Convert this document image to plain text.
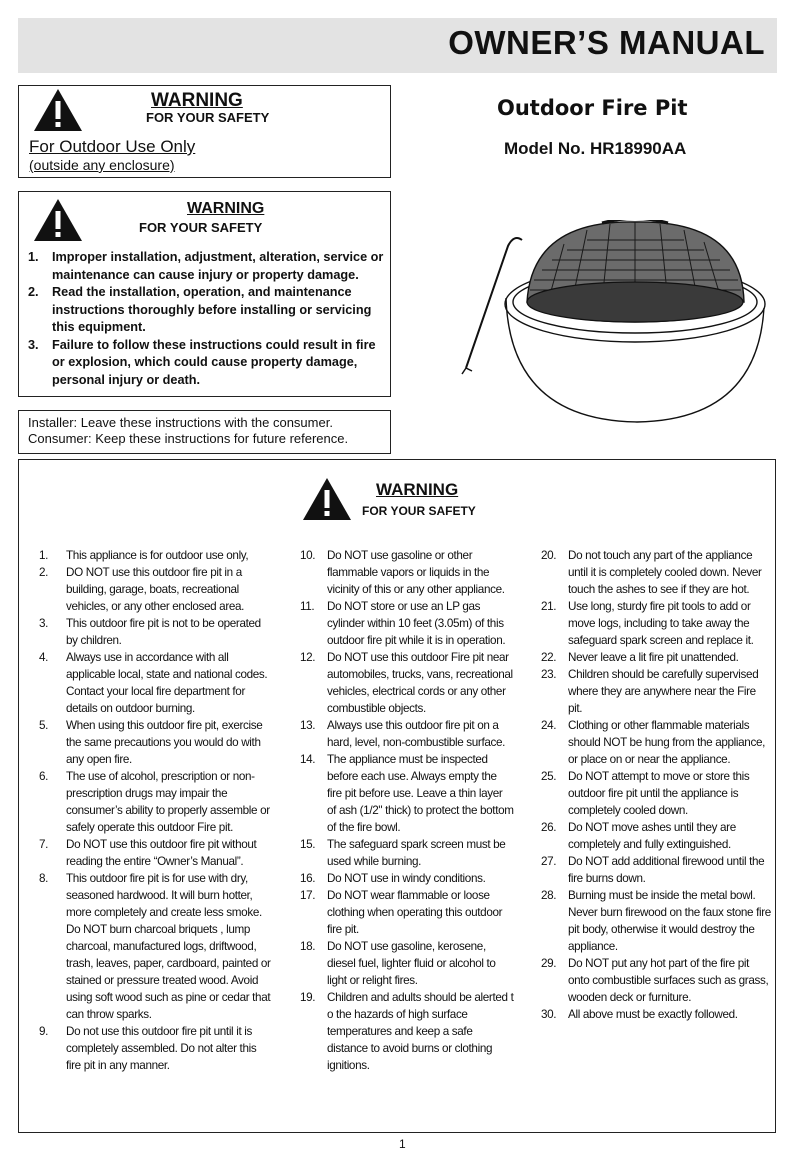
OWNER’S MANUAL
WARNING
FOR YOUR SAFETY
For Outdoor Use Only
(outside any enclosure)
Outdoor Fire Pit
Model No. HR18990AA
WARNING
FOR YOUR SAFETY
1. Improper installation, adjustment, alteration, service or maintenance can cause injury or property damage.
2. Read the installation, operation, and maintenance instructions thoroughly before installing or servicing this equipment.
3. Failure to follow these instructions could result in fire or explosion, which could cause property damage, personal injury or death.
Installer: Leave these instructions with the consumer.
Consumer: Keep these instructions for future reference.
WARNING
FOR YOUR SAFETY
1. This appliance is for outdoor use only,
2. DO NOT use this outdoor fire pit in a building, garage, boats, recreational vehicles, or any other enclosed area.
3. This outdoor fire pit is not to be operated by children.
4. Always use in accordance with all applicable local, state and national codes. Contact your local fire department for details on outdoor burning.
5. When using this outdoor fire pit, exercise the same precautions you would do with any open fire.
6. The use of alcohol, prescription or non-prescription drugs may impair the consumer’s ability to properly assemble or safely operate this outdoor Fire pit.
7. Do NOT use this outdoor fire pit without reading the entire “Owner’s Manual”.
8. This outdoor fire pit is for use with dry, seasoned hardwood. It will burn hotter, more completely and create less smoke. Do NOT burn charcoal briquets , lump charcoal, manufactured logs, driftwood, trash, leaves, paper, cardboard, painted or stained or pressure treated wood. Avoid using soft wood such as pine or cedar that can throw sparks.
9. Do not use this outdoor fire pit until it is completely assembled. Do not alter this fire pit in any manner.
10. Do NOT use gasoline or other flammable vapors or liquids in the vicinity of this or any other appliance.
11. Do NOT store or use an LP gas cylinder within 10 feet (3.05m) of this outdoor fire pit while it is in operation.
12. Do NOT use this outdoor Fire pit near automobiles, trucks, vans, recreational vehicles, electrical cords or any other combustible objects.
13. Always use this outdoor fire pit on a hard, level, non-combustible surface.
14. The appliance must be inspected before each use. Always empty the fire pit before use. Leave a thin layer of ash (1/2" thick) to protect the bottom of the fire bowl.
15. The safeguard spark screen must be used while burning.
16. Do NOT use in windy conditions.
17. Do NOT wear flammable or loose clothing when operating this outdoor fire pit.
18. Do NOT use gasoline, kerosene, diesel fuel, lighter fluid or alcohol to light or relight fires.
19. Children and adults should be alerted t o the hazards of high surface temperatures and keep a safe distance to avoid burns or clothing ignitions.
20. Do not touch any part of the appliance until it is completely cooled down. Never touch the ashes to see if they are hot.
21. Use long, sturdy fire pit tools to add or move logs, including to take away the safeguard spark screen and replace it.
22. Never leave a lit fire pit unattended.
23. Children should be carefully supervised where they are anywhere near the Fire pit.
24. Clothing or other flammable materials should NOT be hung from the appliance, or place on or near the appliance.
25. Do NOT attempt to move or store this outdoor fire pit until the appliance is completely cooled down.
26. Do NOT move ashes until they are completely and fully extinguished.
27. Do NOT add additional firewood until the fire burns down.
28. Burning must be inside the metal bowl. Never burn firewood on the faux stone fire pit body, otherwise it would destroy the appliance.
29. Do NOT put any hot part of the fire pit onto combustible surfaces such as grass, wooden deck or furniture.
30. All above must be exactly followed.
1
